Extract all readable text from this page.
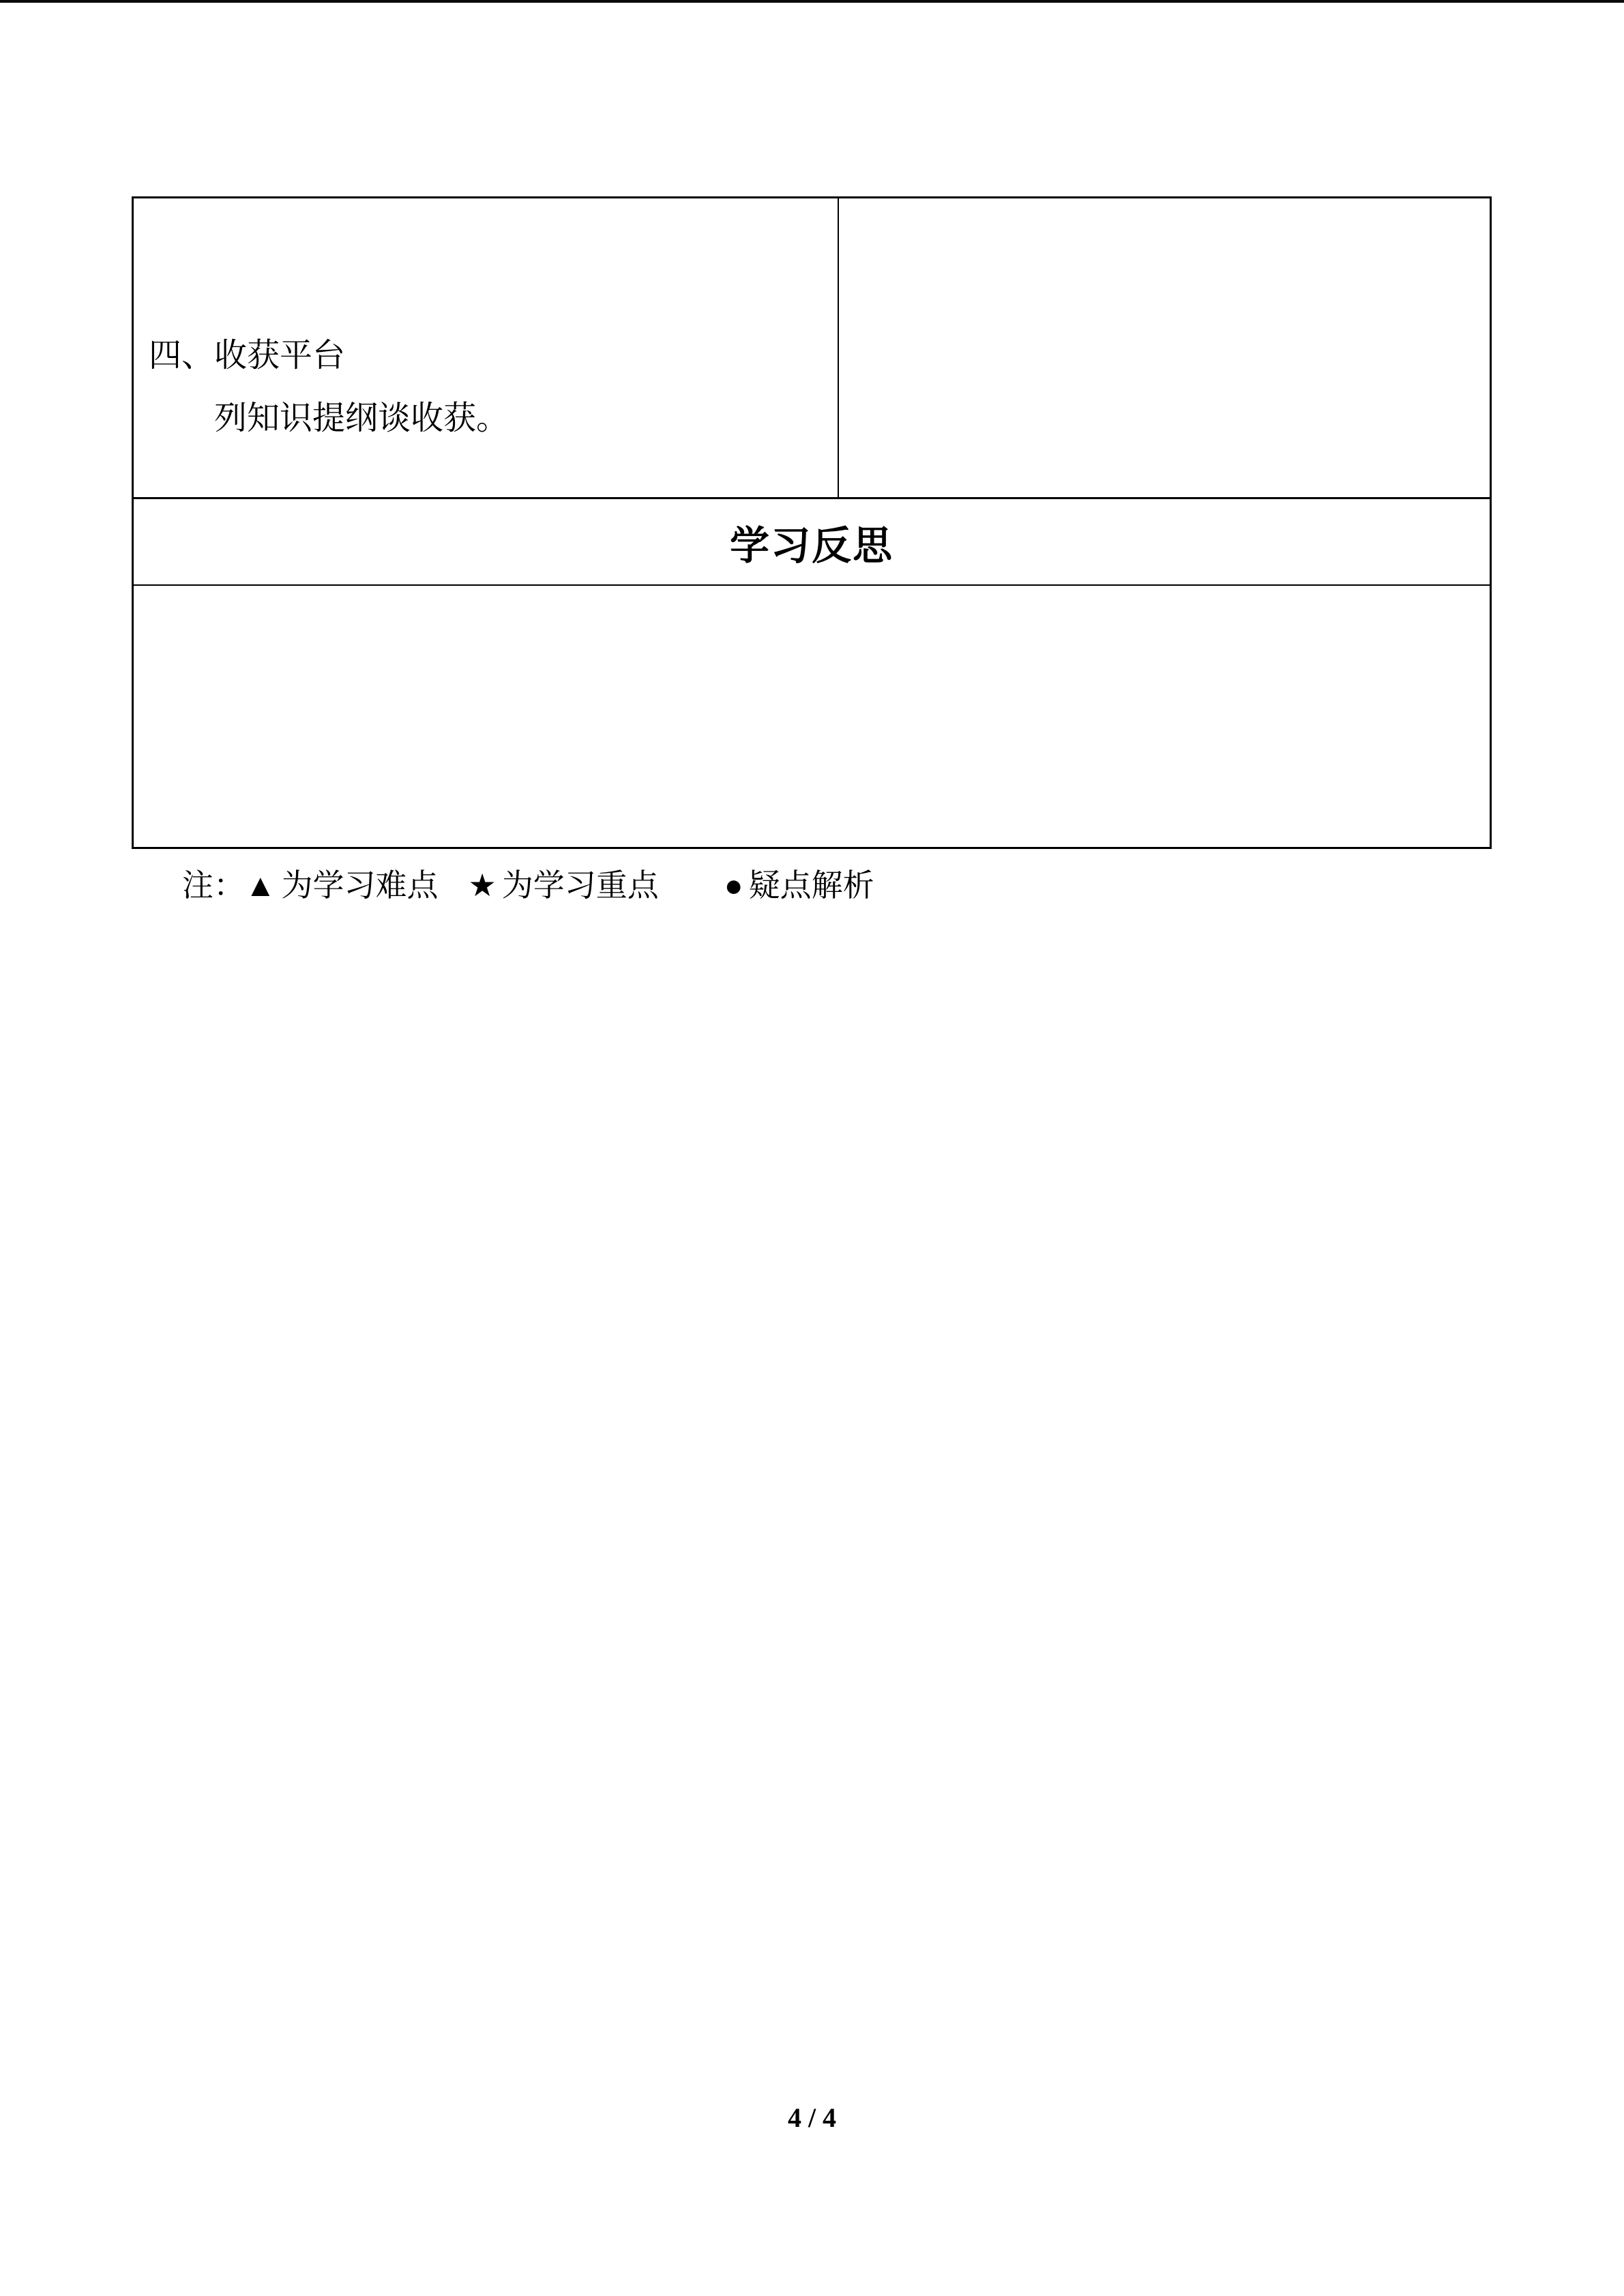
四、收获平台
列知识提纲谈收获。
学习反思
注：▲为学习难点 ★为学习重点 ●疑点解析
4 / 4
